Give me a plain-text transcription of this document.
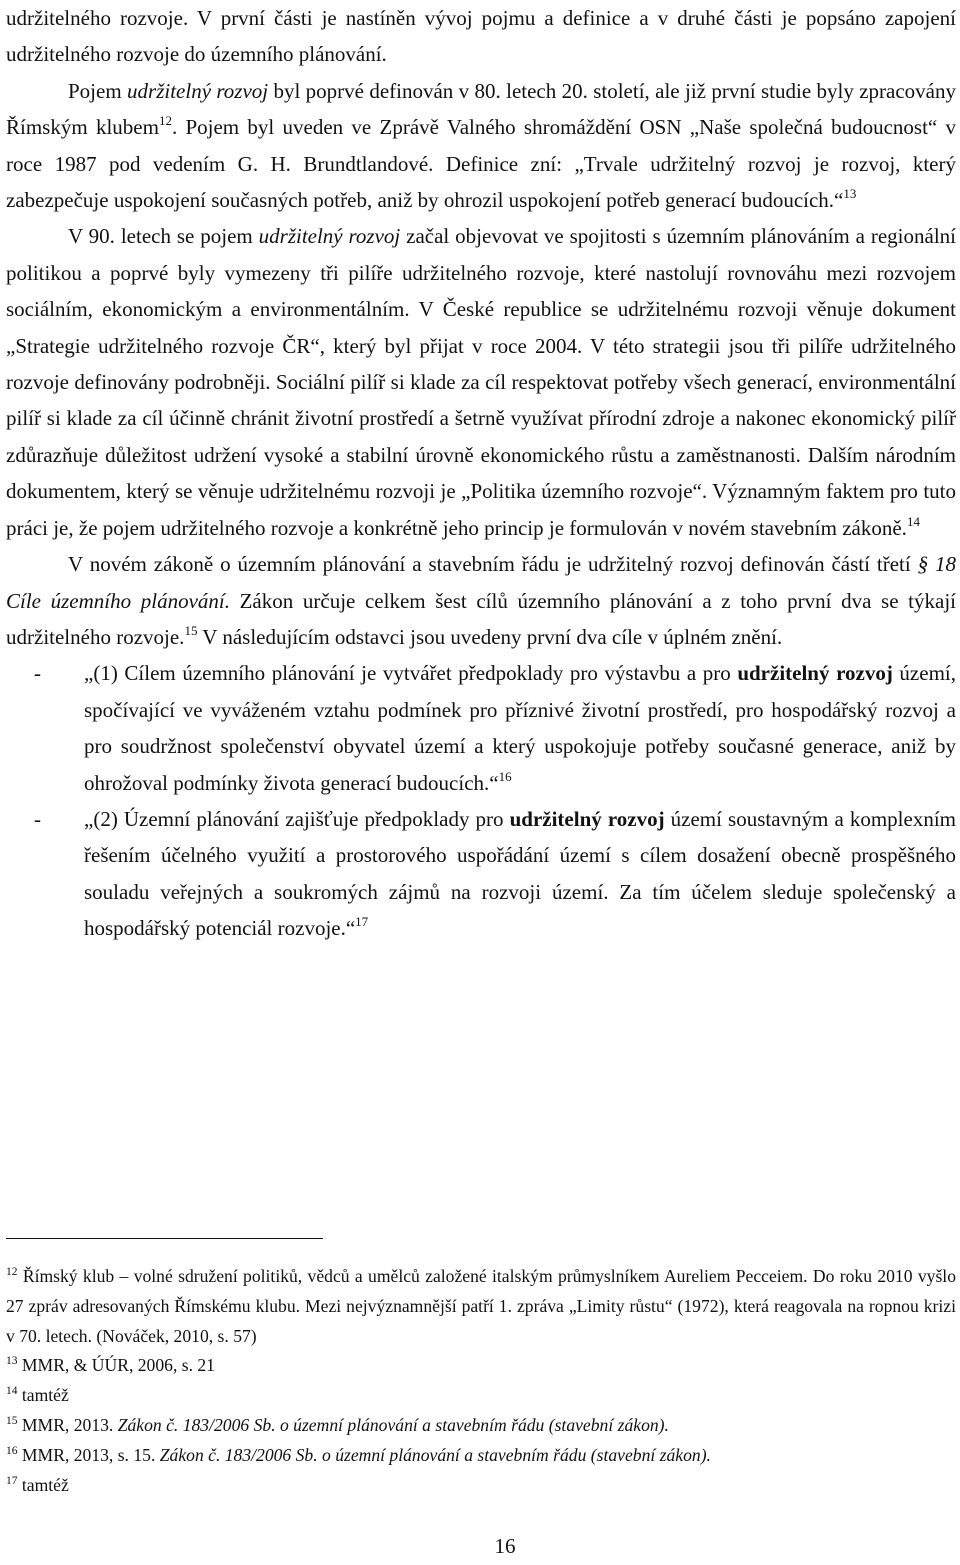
udržitelného rozvoje. V první části je nastíněn vývoj pojmu a definice a v druhé části je popsáno zapojení udržitelného rozvoje do územního plánování.

Pojem udržitelný rozvoj byl poprvé definován v 80. letech 20. století, ale již první studie byly zpracovány Římským klubem$^{12}$. Pojem byl uveden ve Zprávě Valného shromáždění OSN „Naše společná budoucnost“ v roce 1987 pod vedením G. H. Brundtlandové. Definice zní: „Trvale udržitelný rozvoj je rozvoj, který zabezpečuje uspokojení současných potřeb, aniž by ohrozil uspokojení potřeb generací budoucích.“$^{13}$

V 90. letech se pojem udržitelný rozvoj začal objevovat ve spojitosti s územním plánováním a regionální politikou a poprvé byly vymezeny tři pilíře udržitelného rozvoje, které nastolují rovnováhu mezi rozvojem sociálním, ekonomickým a environmentálním. V České republice se udržitelnému rozvoji věnuje dokument „Strategie udržitelného rozvoje ČR“, který byl přijat v roce 2004. V této strategii jsou tři pilíře udržitelného rozvoje definovány podrobněji. Sociální pilíř si klade za cíl respektovat potřeby všech generací, environmentální pilíř si klade za cíl účinně chránit životní prostředí a šetrně využívat přírodní zdroje a nakonec ekonomický pilíř zdůrazňuje důležitost udržení vysoké a stabilní úrovně ekonomického růstu a zaměstnanosti. Dalším národním dokumentem, který se věnuje udržitelnému rozvoji je „Politika územního rozvoje“. Významným faktem pro tuto práci je, že pojem udržitelného rozvoje a konkrétně jeho princip je formulován v novém stavebním zákoně.$^{14}$

V novém zákoně o územním plánování a stavebním řádu je udržitelný rozvoj definován částí třetí § 18 Cíle územního plánování. Zákon určuje celkem šest cílů územního plánování a z toho první dva se týkají udržitelného rozvoje.$^{15}$ V následujícím odstavci jsou uvedeny první dva cíle v úplném znění.

- „(1) Cílem územního plánování je vytvářet předpoklady pro výstavbu a pro udržitelný rozvoj území, spočívající ve vyváženém vztahu podmínek pro příznivé životní prostředí, pro hospodářský rozvoj a pro soudržnost společenství obyvatel území a který uspokojuje potřeby současné generace, aniž by ohrožoval podmínky života generací budoucích.“$^{16}$
- „(2) Územní plánování zajišťuje předpoklady pro udržitelný rozvoj území soustavným a komplexním řešením účelného využití a prostorového uspořádání území s cílem dosažení obecně prospěšného souladu veřejných a soukromých zájmů na rozvoji území. Za tím účelem sleduje společenský a hospodářský potenciál rozvoje.“$^{17}$

$^{12}$ Římský klub – volné sdružení politiků, vědců a umělců založené italským průmyslníkem Aureliem Pecceiem. Do roku 2010 vyšlo 27 zpráv adresovaných Římskému klubu. Mezi nejvýznamnější patří 1. zpráva „Limity růstu“ (1972), která reagovala na ropnou krizi v 70. letech. (Nováček, 2010, s. 57)

$^{13}$ MMR, & ÚÚR, 2006, s. 21

$^{14}$ tamtéž

$^{15}$ MMR, 2013. Zákon č. 183/2006 Sb. o územní plánování a stavebním řádu (stavební zákon).

$^{16}$ MMR, 2013, s. 15. Zákon č. 183/2006 Sb. o územní plánování a stavebním řádu (stavební zákon).

$^{17}$ tamtéž

16
